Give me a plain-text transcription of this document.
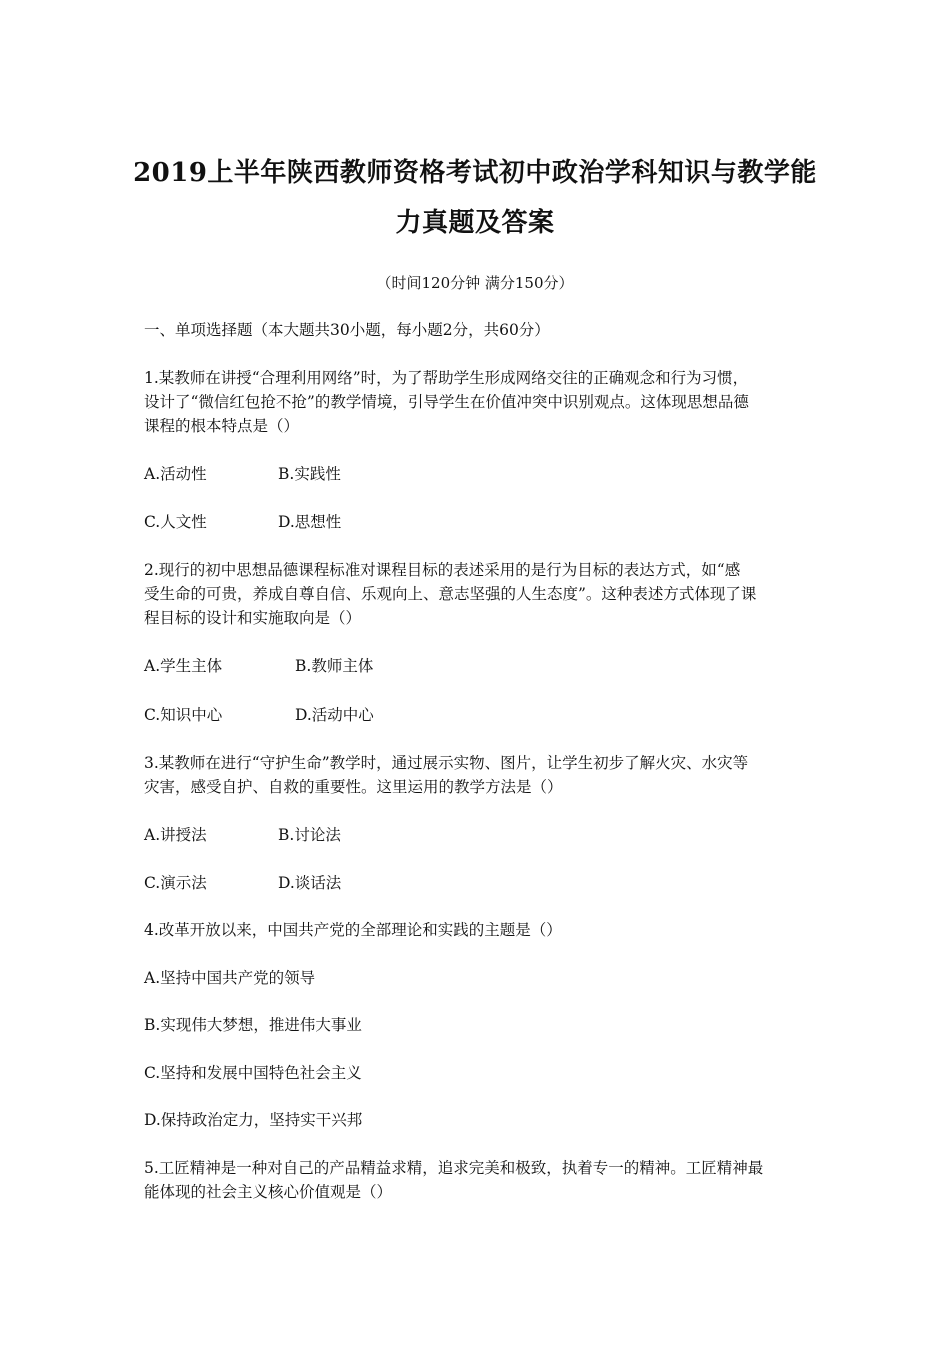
2019上半年陕西教师资格考试初中政治学科知识与教学能
力真题及答案
（时间120分钟 满分150分）
一、单项选择题（本大题共30小题，每小题2分，共60分）
1.某教师在讲授“合理利用网络”时，为了帮助学生形成网络交往的正确观念和行为习惯，
设计了“微信红包抢不抢”的教学情境，引导学生在价值冲突中识别观点。这体现思想品德
课程的根本特点是（）
A.活动性	B.实践性
C.人文性	D.思想性
2.现行的初中思想品德课程标准对课程目标的表述采用的是行为目标的表达方式，如“感
受生命的可贵，养成自尊自信、乐观向上、意志坚强的人生态度”。这种表述方式体现了课
程目标的设计和实施取向是（）
A.学生主体	B.教师主体
C.知识中心	D.活动中心
3.某教师在进行“守护生命”教学时，通过展示实物、图片，让学生初步了解火灾、水灾等
灾害，感受自护、自救的重要性。这里运用的教学方法是（）
A.讲授法	B.讨论法
C.演示法	D.谈话法
4.改革开放以来，中国共产党的全部理论和实践的主题是（）
A.坚持中国共产党的领导
B.实现伟大梦想，推进伟大事业
C.坚持和发展中国特色社会主义
D.保持政治定力，坚持实干兴邦
5.工匠精神是一种对自己的产品精益求精，追求完美和极致，执着专一的精神。工匠精神最
能体现的社会主义核心价值观是（）
